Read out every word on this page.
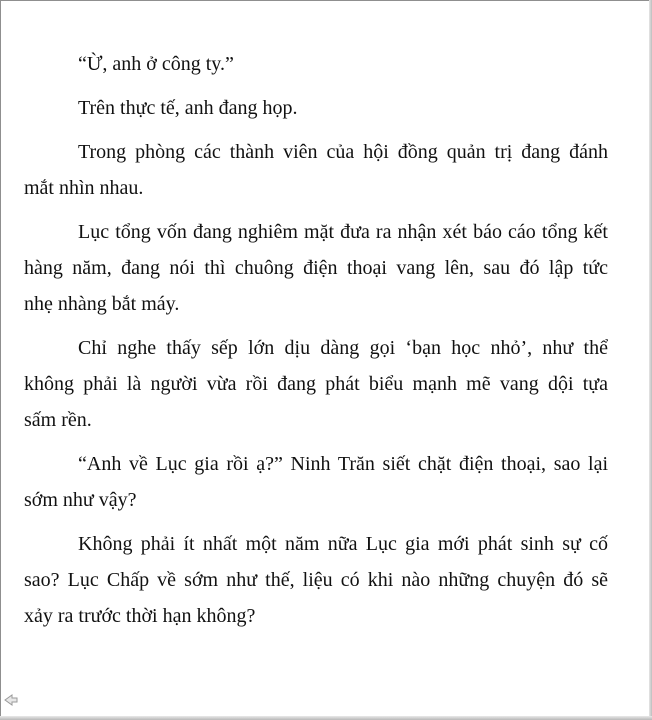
“Ừ, anh ở công ty.”
Trên thực tế, anh đang họp.
Trong phòng các thành viên của hội đồng quản trị đang đánh
mắt nhìn nhau.
Lục tổng vốn đang nghiêm mặt đưa ra nhận xét báo cáo tổng kết
hàng năm, đang nói thì chuông điện thoại vang lên, sau đó lập tức
nhẹ nhàng bắt máy.
Chỉ nghe thấy sếp lớn dịu dàng gọi ‘bạn học nhỏ’, như thể
không phải là người vừa rồi đang phát biểu mạnh mẽ vang dội tựa
sấm rền.
“Anh về Lục gia rồi ạ?” Ninh Trăn siết chặt điện thoại, sao lại
sớm như vậy?
Không phải ít nhất một năm nữa Lục gia mới phát sinh sự cố
sao? Lục Chấp về sớm như thế, liệu có khi nào những chuyện đó sẽ
xảy ra trước thời hạn không?
